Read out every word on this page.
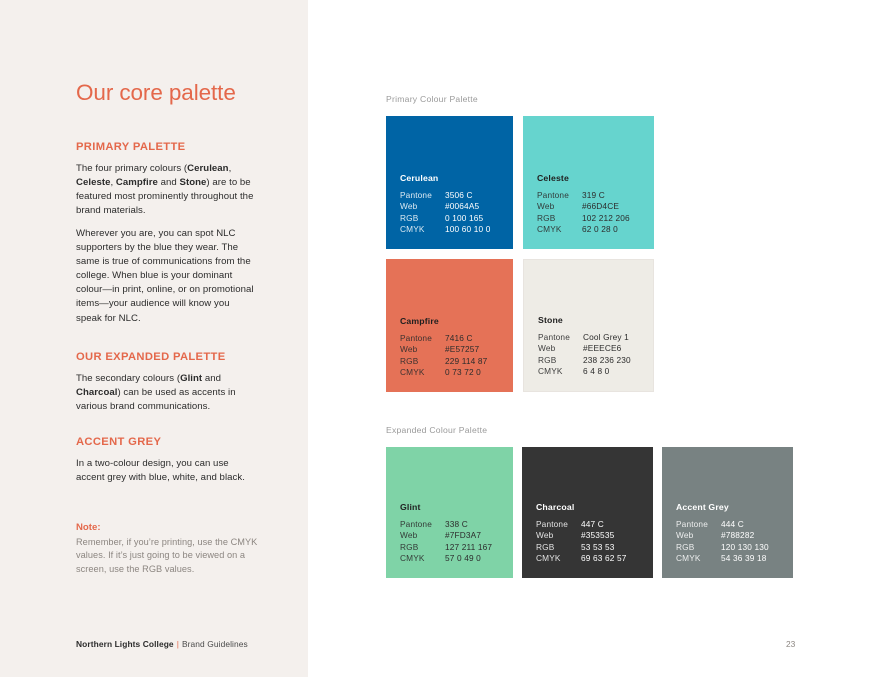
Our core palette
PRIMARY PALETTE
The four primary colours (Cerulean, Celeste, Campfire and Stone) are to be featured most prominently throughout the brand materials.
Wherever you are, you can spot NLC supporters by the blue they wear. The same is true of communications from the college. When blue is your dominant colour—in print, online, or on promotional items—your audience will know you speak for NLC.
OUR EXPANDED PALETTE
The secondary colours (Glint and Charcoal) can be used as accents in various brand communications.
ACCENT GREY
In a two-colour design, you can use accent grey with blue, white, and black.
Note:
Remember, if you’re printing, use the CMYK values. If it’s just going to be viewed on a screen, use the RGB values.
Northern Lights College | Brand Guidelines
Primary Colour Palette
Cerulean
Pantone	3506 C
Web	#0064A5
RGB	0 100 165
CMYK	100 60 10 0
Celeste
Pantone	319 C
Web	#66D4CE
RGB	102 212 206
CMYK	62 0 28 0
Campfire
Pantone	7416 C
Web	#E57257
RGB	229 114 87
CMYK	0 73 72 0
Stone
Pantone	Cool Grey 1
Web	#EEECE6
RGB	238 236 230
CMYK	6 4 8 0
Expanded Colour Palette
Glint
Pantone	338 C
Web	#7FD3A7
RGB	127 211 167
CMYK	57 0 49 0
Charcoal
Pantone	447 C
Web	#353535
RGB	53 53 53
CMYK	69 63 62 57
Accent Grey
Pantone	444 C
Web	#788282
RGB	120 130 130
CMYK	54 36 39 18
23
